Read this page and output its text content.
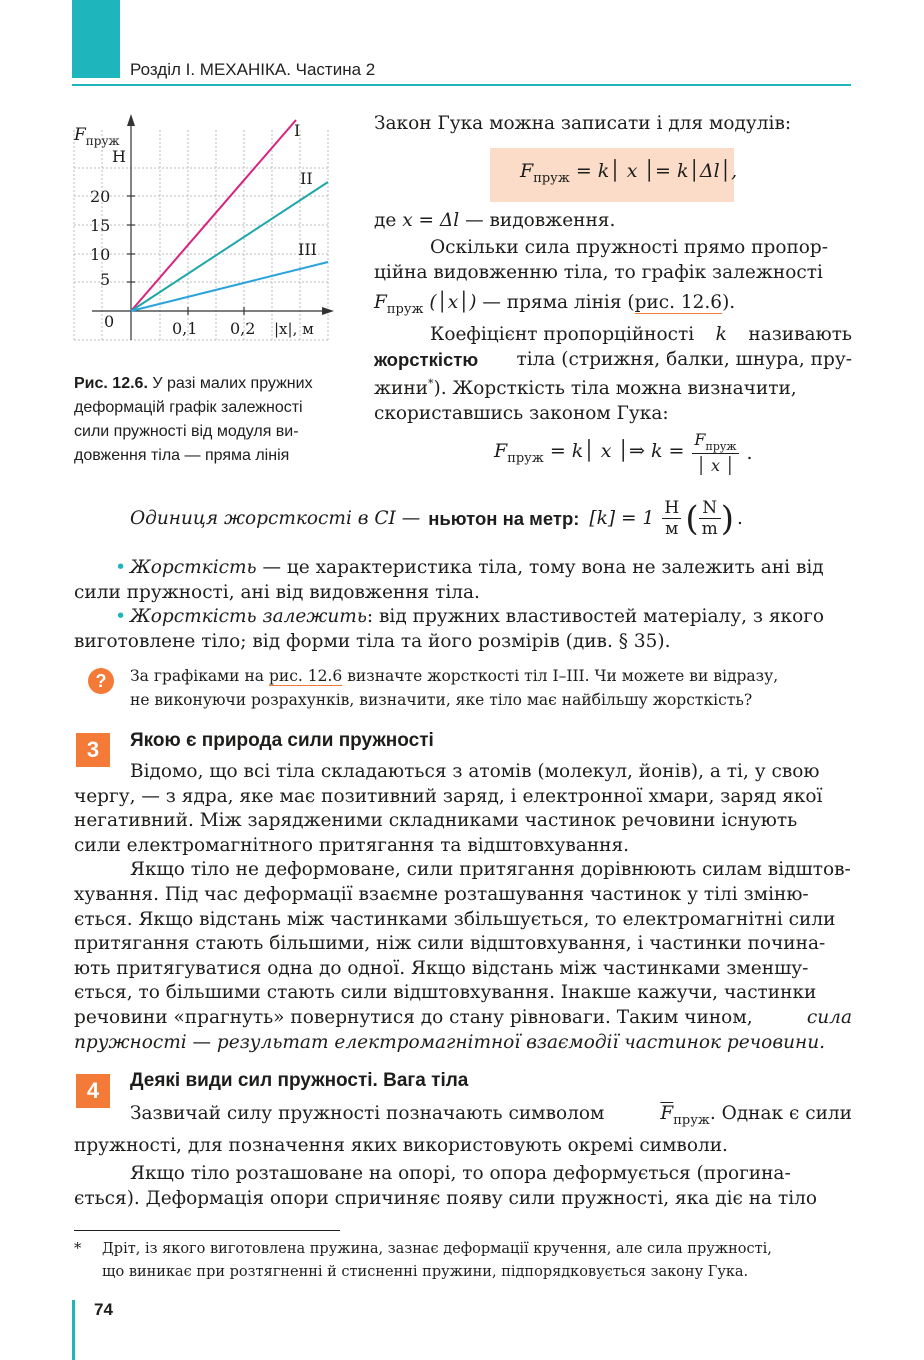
Розділ I. МЕХАНІКА. Частина 2
$F_{пруж}$
Н
20
15
10
5
0	0,1 0,2 |x|, м
I
II
III
Рис. 12.6. У разі малих пружних
деформацій графік залежності
сили пружності від модуля ви-
довження тіла — пряма лінія
Закон Гука можна записати і для модулів:
$F_{пруж}$ = k│ x │= k│Δl│,
де x = Δl — видовження.
Оскільки сила пружності прямо пропор-
ційна видовженню тіла, то графік залежності
$F_{пруж}$ (│x│) — пряма лінія (рис. 12.6).
Коефіцієнт пропорційності k називають
жорсткістю тіла (стрижня, балки, шнура, пру-
жини*). Жорсткість тіла можна визначити,
скориставшись законом Гука:
$F_{пруж}$ = k│ x │⇒ $k = F_{пруж}$
│ x │
.
Одиниця жорсткості в СІ — ньютон на метр: [k] = 1 Н
м ( N
m ) .
• Жорсткість — це характеристика тіла, тому вона не залежить ані від
сили пружності, ані від видовження тіла.
• Жорсткість залежить: від пружних властивостей матеріалу, з якого
виготовлене тіло; від форми тіла та його розмірів (див. § 35).
?	За графіками на рис. 12.6 визначте жорсткості тіл I–III. Чи можете ви відразу,
не виконуючи розрахунків, визначити, яке тіло має найбільшу жорсткість?
3	Якою є природа сили пружності
Відомо, що всі тіла складаються з атомів (молекул, йонів), а ті, у свою
чергу, — з ядра, яке має позитивний заряд, і електронної хмари, заряд якої
негативний. Між зарядженими складниками частинок речовини існують
сили електромагнітного притягання та відштовхування.
Якщо тіло не деформоване, сили притягання дорівнюють силам відштов-
хування. Під час деформації взаємне розташування частинок у тілі зміню-
ється. Якщо відстань між частинками збільшується, то електромагнітні сили
притягання стають більшими, ніж сили відштовхування, і частинки почина-
ють притягуватися одна до одної. Якщо відстань між частинками зменшу-
ється, то більшими стають сили відштовхування. Інакше кажучи, частинки
речовини «прагнуть» повернутися до стану рівноваги. Таким чином,	сила
пружності — результат електромагнітної взаємодії частинок речовини.
4	Деякі види сил пружності. Вага тіла
Зазвичай силу пружності позначають символом	$\overline{F}_{пруж}$. Однак є сили
пружності, для позначення яких використовують окремі символи.
Якщо тіло розташоване на опорі, то опора деформується (прогина-
ється). Деформація опори спричиняє появу сили пружності, яка діє на тіло
*	Дріт, із якого виготовлена пружина, зазнає деформації кручення, але сила пружності,
що виникає при розтягненні й стисненні пружини, підпорядковується закону Гука.
74
